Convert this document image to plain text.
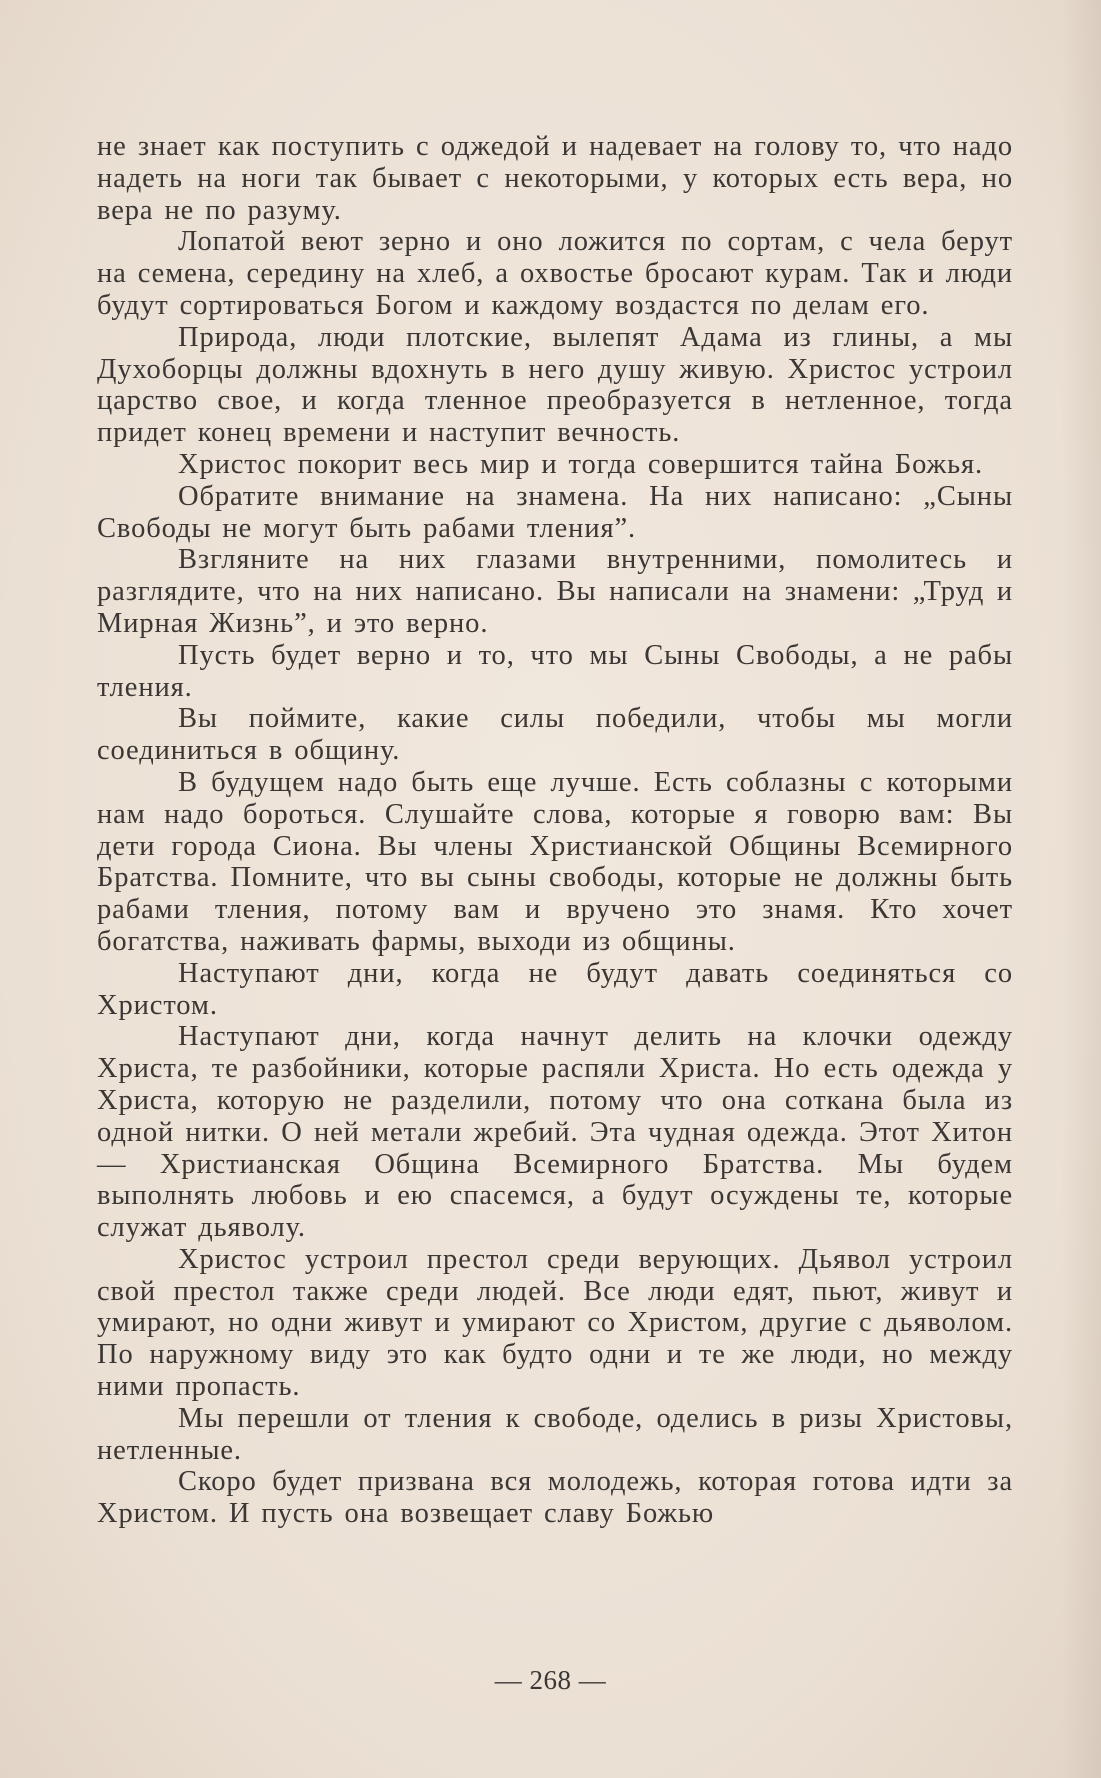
не знает как поступить с оджедой и надевает на голову то, что надо надеть на ноги так бывает с некоторыми, у которых есть вера, но вера не по разуму.

Лопатой веют зерно и оно ложится по сортам, с чела берут на семена, середину на хлеб, а охвостье бросают курам. Так и люди будут сортироваться Богом и каждому воздастся по делам его.

Природа, люди плотские, вылепят Адама из глины, а мы Духоборцы должны вдохнуть в него душу живую. Христос устроил царство свое, и когда тленное преобразуется в нетленное, тогда придет конец времени и наступит вечность.

Христос покорит весь мир и тогда совершится тайна Божья.

Обратите внимание на знамена. На них написано: „Сыны Свободы не могут быть рабами тления”.

Взгляните на них глазами внутренними, помолитесь и разглядите, что на них написано. Вы написали на знамени: „Труд и Мирная Жизнь”, и это верно.

Пусть будет верно и то, что мы Сыны Свободы, а не рабы тления.

Вы поймите, какие силы победили, чтобы мы могли соединиться в общину.

В будущем надо быть еще лучше. Есть соблазны с которыми нам надо бороться. Слушайте слова, которые я говорю вам: Вы дети города Сиона. Вы члены Христианской Общины Всемирного Братства. Помните, что вы сыны свободы, которые не должны быть рабами тления, потому вам и вручено это знамя. Кто хочет богатства, наживать фармы, выходи из общины.

Наступают дни, когда не будут давать соединяться со Христом.

Наступают дни, когда начнут делить на клочки одежду Христа, те разбойники, которые распяли Христа. Но есть одежда у Христа, которую не разделили, потому что она соткана была из одной нитки. О ней метали жребий. Эта чудная одежда. Этот Хитон — Христианская Община Всемирного Братства. Мы будем выполнять любовь и ею спасемся, а будут осуждены те, которые служат дьяволу.

Христос устроил престол среди верующих. Дьявол устроил свой престол также среди людей. Все люди едят, пьют, живут и умирают, но одни живут и умирают со Христом, другие с дьяволом. По наружному виду это как будто одни и те же люди, но между ними пропасть.

Мы перешли от тления к свободе, оделись в ризы Христовы, нетленные.

Скоро будет призвана вся молодежь, которая готова идти за Христом. И пусть она возвещает славу Божью

— 268 —
